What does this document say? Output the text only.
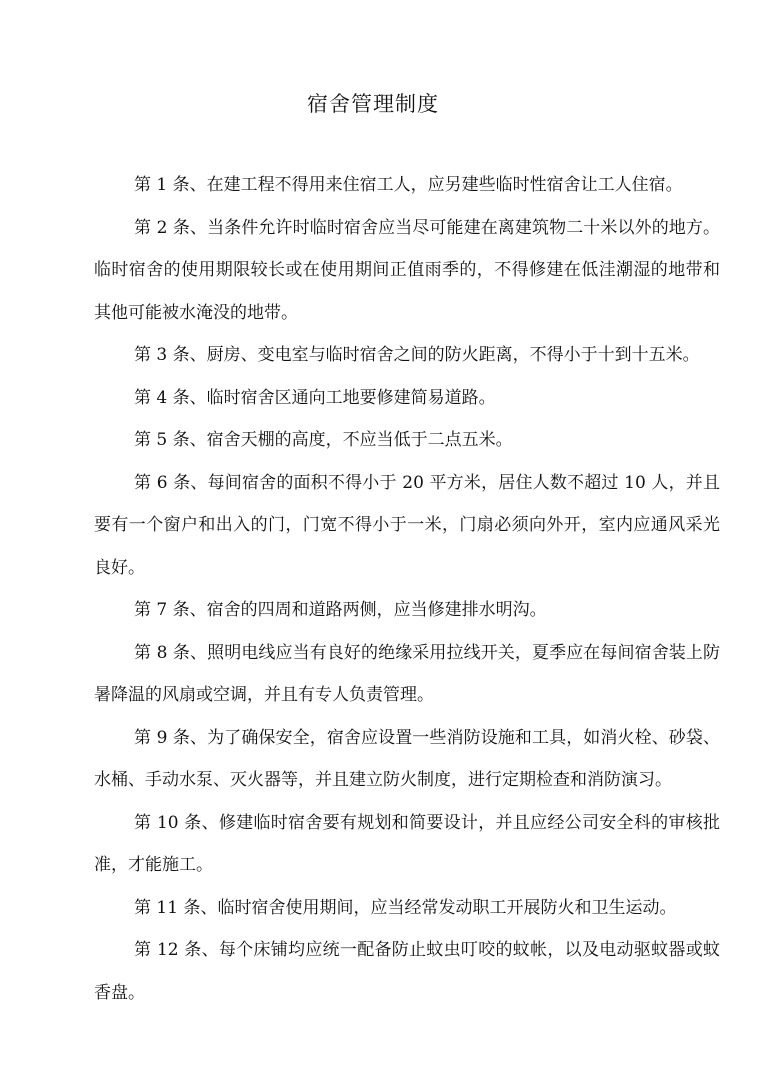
宿舍管理制度

第 1 条、在建工程不得用来住宿工人，应另建些临时性宿舍让工人住宿。

第 2 条、当条件允许时临时宿舍应当尽可能建在离建筑物二十米以外的地方。临时宿舍的使用期限较长或在使用期间正值雨季的，不得修建在低洼潮湿的地带和其他可能被水淹没的地带。

第 3 条、厨房、变电室与临时宿舍之间的防火距离，不得小于十到十五米。

第 4 条、临时宿舍区通向工地要修建简易道路。

第 5 条、宿舍天棚的高度，不应当低于二点五米。

第 6 条、每间宿舍的面积不得小于 20 平方米，居住人数不超过 10 人，并且要有一个窗户和出入的门，门宽不得小于一米，门扇必须向外开，室内应通风采光良好。

第 7 条、宿舍的四周和道路两侧，应当修建排水明沟。

第 8 条、照明电线应当有良好的绝缘采用拉线开关，夏季应在每间宿舍装上防暑降温的风扇或空调，并且有专人负责管理。

第 9 条、为了确保安全，宿舍应设置一些消防设施和工具，如消火栓、砂袋、水桶、手动水泵、灭火器等，并且建立防火制度，进行定期检查和消防演习。

第 10 条、修建临时宿舍要有规划和简要设计，并且应经公司安全科的审核批准，才能施工。

第 11 条、临时宿舍使用期间，应当经常发动职工开展防火和卫生运动。

第 12 条、每个床铺均应统一配备防止蚊虫叮咬的蚊帐，以及电动驱蚊器或蚊香盘。
